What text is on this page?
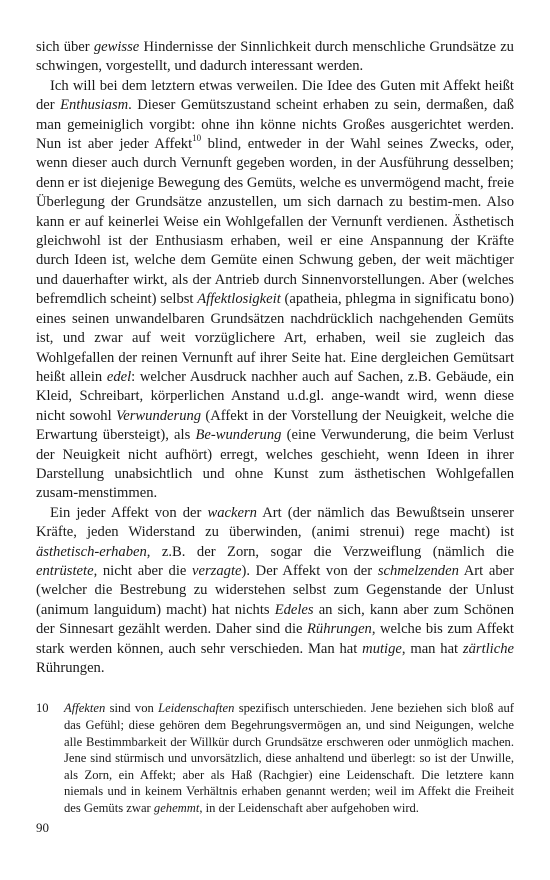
sich über gewisse Hindernisse der Sinnlichkeit durch menschliche Grundsätze zu schwingen, vorgestellt, und dadurch interessant werden.

Ich will bei dem letztern etwas verweilen. Die Idee des Guten mit Affekt heißt der Enthusiasm. Dieser Gemütszustand scheint erhaben zu sein, dermaßen, daß man gemeiniglich vorgibt: ohne ihn könne nichts Großes ausgerichtet werden. Nun ist aber jeder Affekt$^{10}$ blind, entweder in der Wahl seines Zwecks, oder, wenn dieser auch durch Vernunft gegeben worden, in der Ausführung desselben; denn er ist diejenige Bewegung des Gemüts, welche es unvermögend macht, freie Überlegung der Grundsätze anzustellen, um sich darnach zu bestim-men. Also kann er auf keinerlei Weise ein Wohlgefallen der Vernunft verdienen. Ästhetisch gleichwohl ist der Enthusiasm erhaben, weil er eine Anspannung der Kräfte durch Ideen ist, welche dem Gemüte einen Schwung geben, der weit mächtiger und dauerhafter wirkt, als der Antrieb durch Sinnenvorstellungen. Aber (welches befremdlich scheint) selbst Affektlosigkeit (apatheia, phlegma in significatu bono) eines seinen unwandelbaren Grundsätzen nachdrücklich nachgehenden Gemüts ist, und zwar auf weit vorzüglichere Art, erhaben, weil sie zugleich das Wohlgefallen der reinen Vernunft auf ihrer Seite hat. Eine dergleichen Gemütsart heißt allein edel: welcher Ausdruck nachher auch auf Sachen, z.B. Gebäude, ein Kleid, Schreibart, körperlichen Anstand u.d.gl. ange-wandt wird, wenn diese nicht sowohl Verwunderung (Affekt in der Vorstellung der Neuigkeit, welche die Erwartung übersteigt), als Be-wunderung (eine Verwunderung, die beim Verlust der Neuigkeit nicht aufhört) erregt, welches geschieht, wenn Ideen in ihrer Darstellung unabsichtlich und ohne Kunst zum ästhetischen Wohlgefallen zusam-menstimmen.

Ein jeder Affekt von der wackern Art (der nämlich das Bewußtsein unserer Kräfte, jeden Widerstand zu überwinden, (animi strenui) rege macht) ist ästhetisch-erhaben, z.B. der Zorn, sogar die Verzweiflung (nämlich die entrüstete, nicht aber die verzagte). Der Affekt von der schmelzenden Art aber (welcher die Bestrebung zu widerstehen selbst zum Gegenstande der Unlust (animum languidum) macht) hat nichts Edeles an sich, kann aber zum Schönen der Sinnesart gezählt werden. Daher sind die Rührungen, welche bis zum Affekt stark werden können, auch sehr verschieden. Man hat mutige, man hat zärtliche Rührungen.

10	Affekten sind von Leidenschaften spezifisch unterschieden. Jene beziehen sich bloß auf das Gefühl; diese gehören dem Begehrungsvermögen an, und sind Neigungen, welche alle Bestimmbarkeit der Willkür durch Grundsätze erschweren oder unmöglich machen. Jene sind stürmisch und unvorsätzlich, diese anhaltend und überlegt: so ist der Unwille, als Zorn, ein Affekt; aber als Haß (Rachgier) eine Leidenschaft. Die letztere kann niemals und in keinem Verhältnis erhaben genannt werden; weil im Affekt die Freiheit des Gemüts zwar gehemmt, in der Leidenschaft aber aufgehoben wird.
90
